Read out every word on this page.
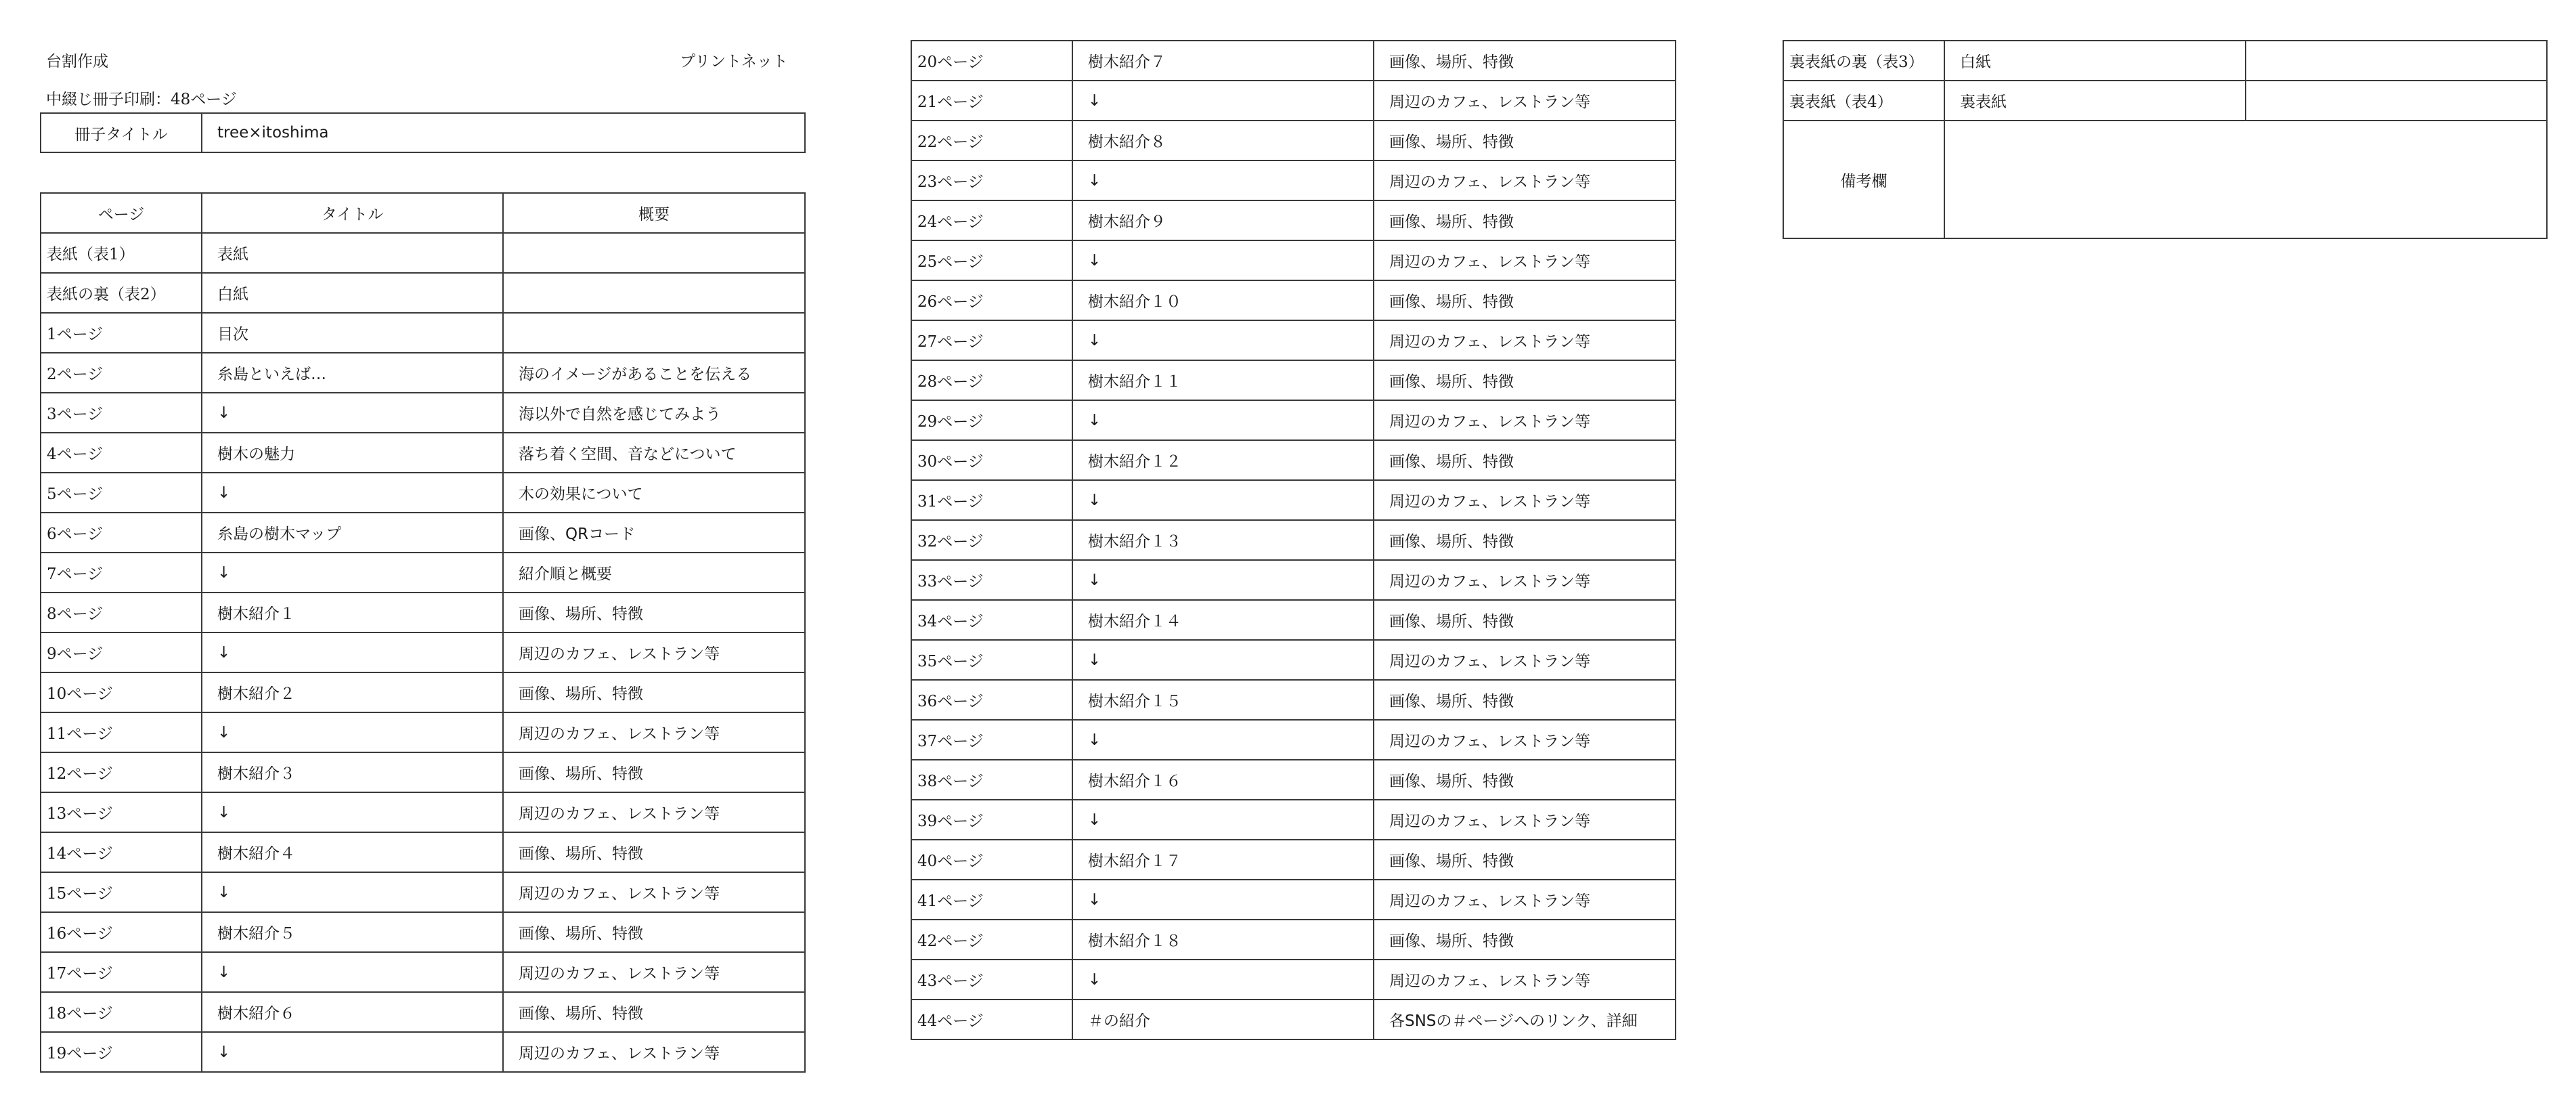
台割作成	プリントネット
中綴じ冊子印刷：48ページ
冊子タイトル	tree×itoshima
ページ	タイトル	概要
表紙（表1）	表紙	
表紙の裏（表2）	白紙	
1ページ	目次	
2ページ	糸島といえば…	海のイメージがあることを伝える
3ページ	↓	海以外で自然を感じてみよう
4ページ	樹木の魅力	落ち着く空間、音などについて
5ページ	↓	木の効果について
6ページ	糸島の樹木マップ	画像、QRコード
7ページ	↓	紹介順と概要
8ページ	樹木紹介１	画像、場所、特徴
9ページ	↓	周辺のカフェ、レストラン等
10ページ	樹木紹介２	画像、場所、特徴
11ページ	↓	周辺のカフェ、レストラン等
12ページ	樹木紹介３	画像、場所、特徴
13ページ	↓	周辺のカフェ、レストラン等
14ページ	樹木紹介４	画像、場所、特徴
15ページ	↓	周辺のカフェ、レストラン等
16ページ	樹木紹介５	画像、場所、特徴
17ページ	↓	周辺のカフェ、レストラン等
18ページ	樹木紹介６	画像、場所、特徴
19ページ	↓	周辺のカフェ、レストラン等
20ページ	樹木紹介７	画像、場所、特徴
21ページ	↓	周辺のカフェ、レストラン等
22ページ	樹木紹介８	画像、場所、特徴
23ページ	↓	周辺のカフェ、レストラン等
24ページ	樹木紹介９	画像、場所、特徴
25ページ	↓	周辺のカフェ、レストラン等
26ページ	樹木紹介１０	画像、場所、特徴
27ページ	↓	周辺のカフェ、レストラン等
28ページ	樹木紹介１１	画像、場所、特徴
29ページ	↓	周辺のカフェ、レストラン等
30ページ	樹木紹介１２	画像、場所、特徴
31ページ	↓	周辺のカフェ、レストラン等
32ページ	樹木紹介１３	画像、場所、特徴
33ページ	↓	周辺のカフェ、レストラン等
34ページ	樹木紹介１４	画像、場所、特徴
35ページ	↓	周辺のカフェ、レストラン等
36ページ	樹木紹介１５	画像、場所、特徴
37ページ	↓	周辺のカフェ、レストラン等
38ページ	樹木紹介１６	画像、場所、特徴
39ページ	↓	周辺のカフェ、レストラン等
40ページ	樹木紹介１７	画像、場所、特徴
41ページ	↓	周辺のカフェ、レストラン等
42ページ	樹木紹介１８	画像、場所、特徴
43ページ	↓	周辺のカフェ、レストラン等
44ページ	＃の紹介	各SNSの＃ページへのリンク、詳細
裏表紙の裏（表3）	白紙	
裏表紙（表4）	裏表紙	
備考欄		
